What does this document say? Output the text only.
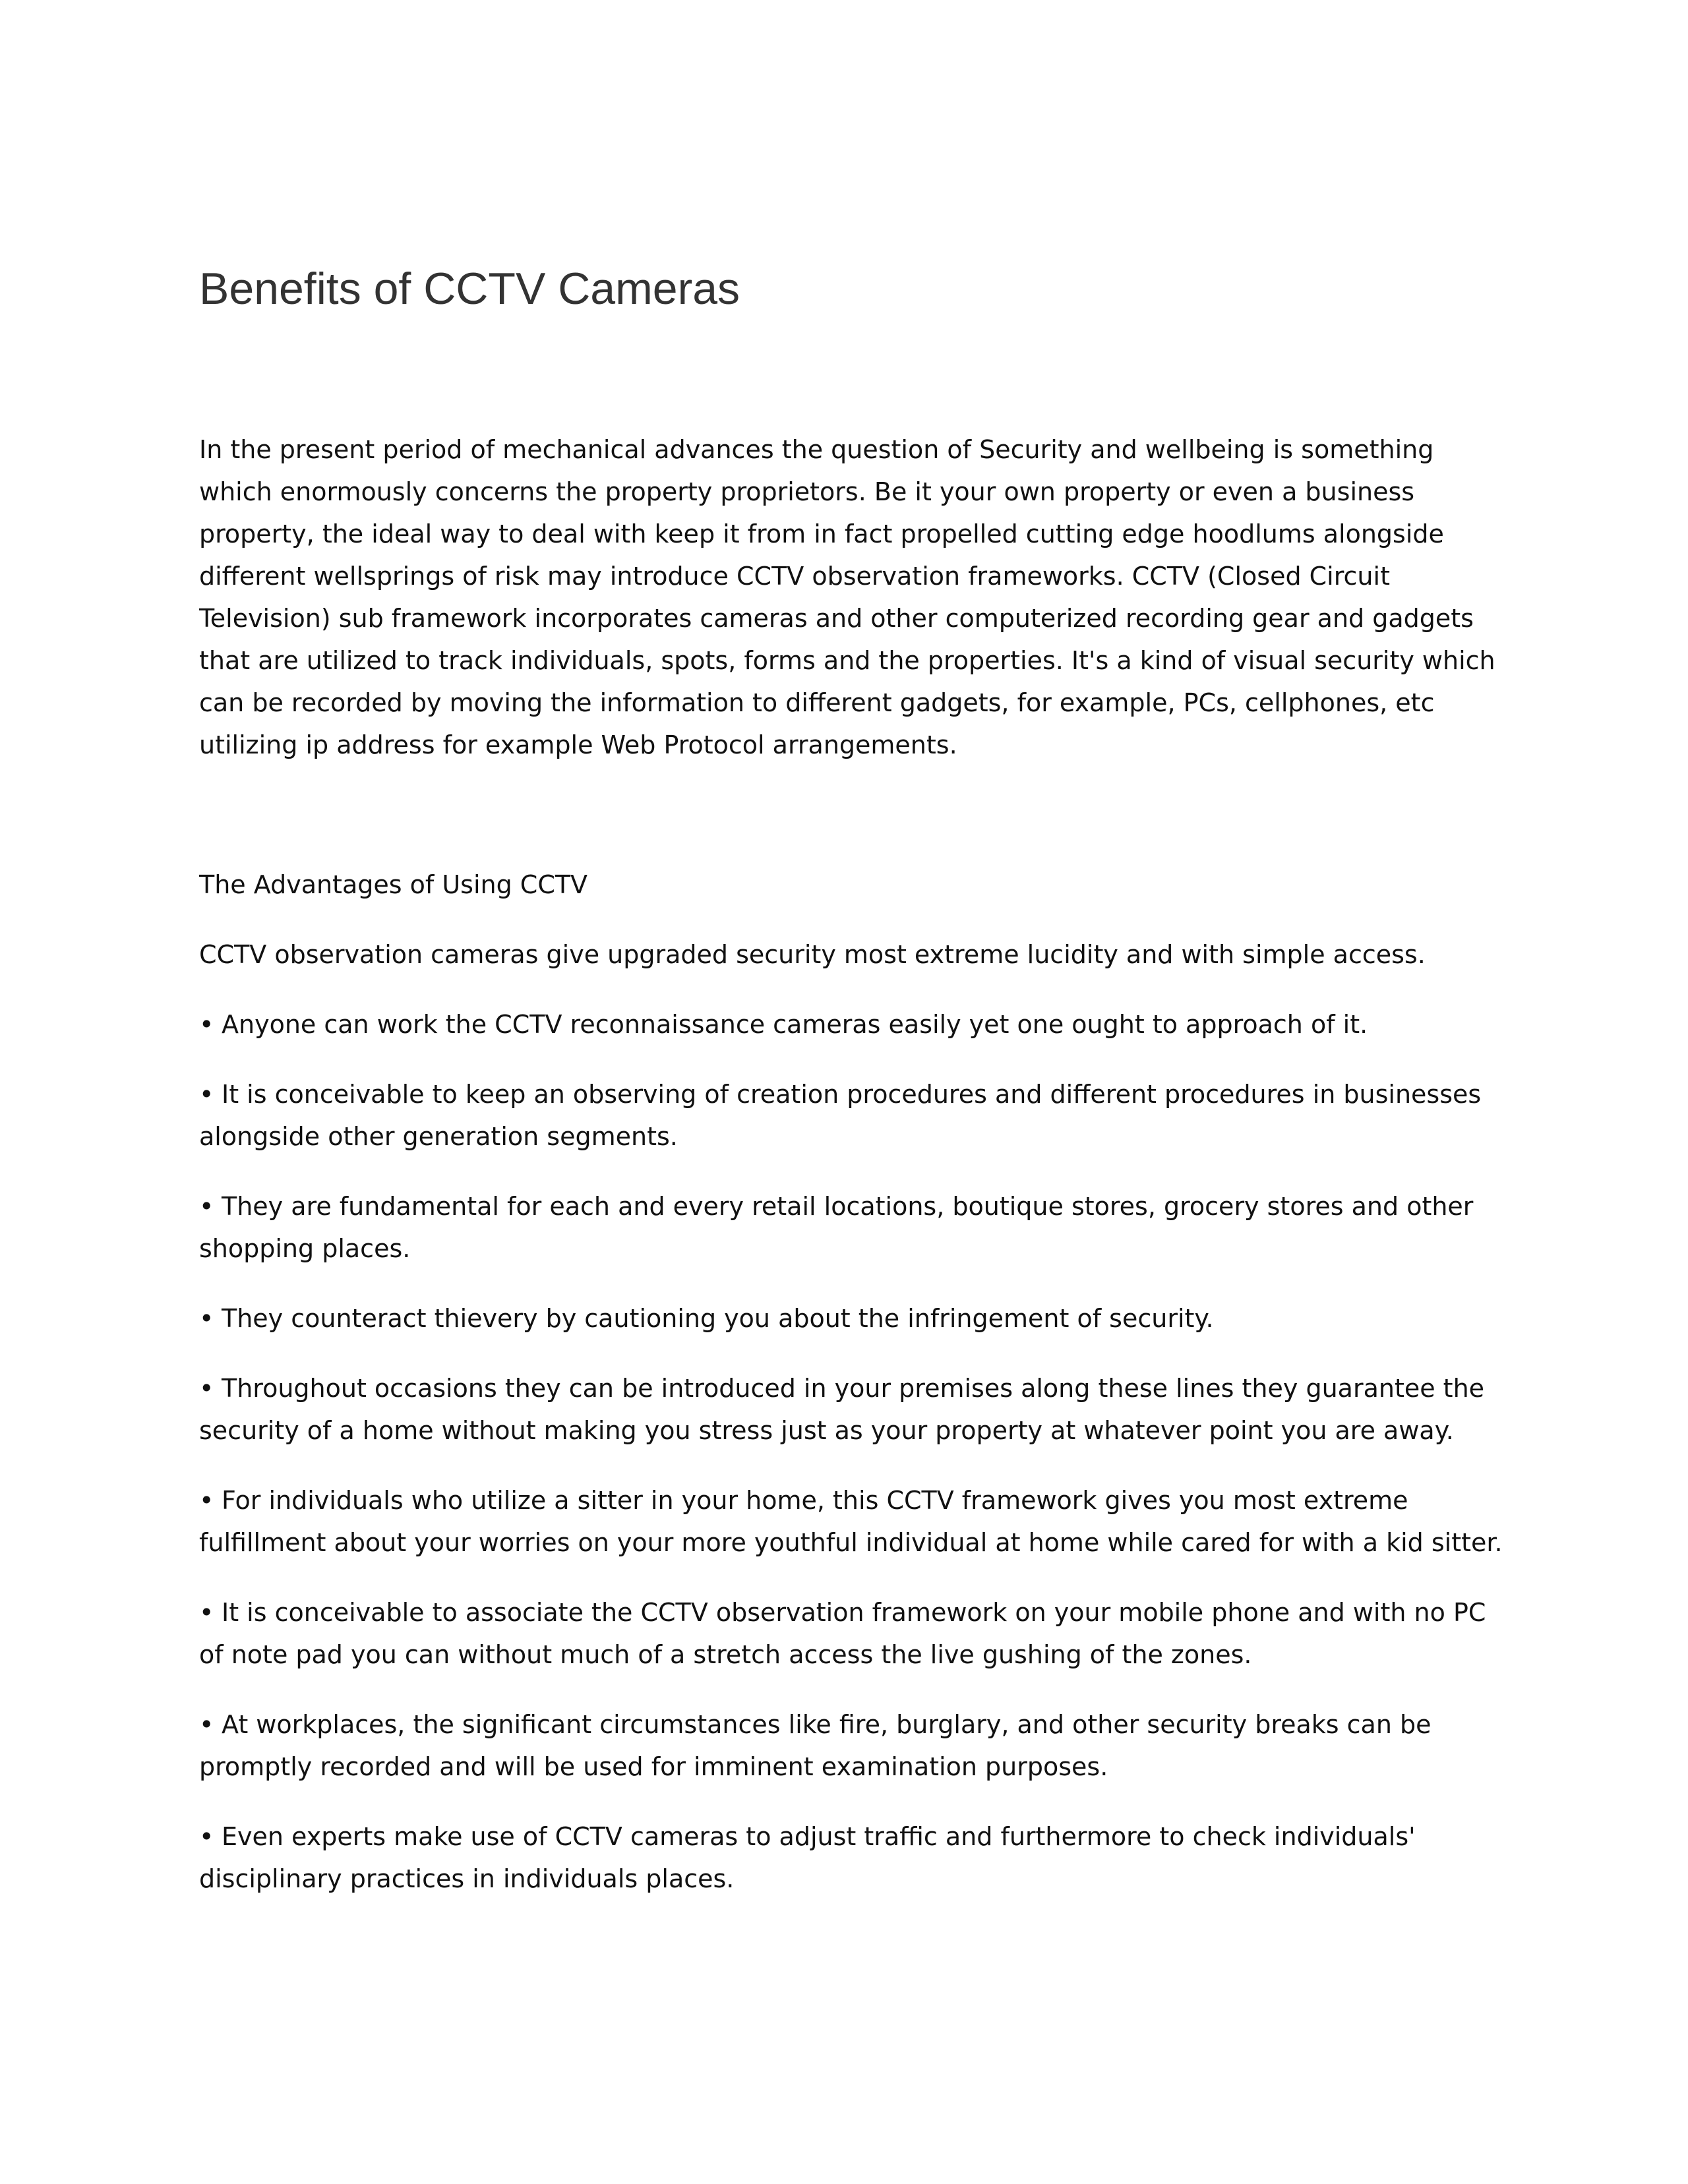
Benefits of CCTV Cameras

In the present period of mechanical advances the question of Security and wellbeing is something which enormously concerns the property proprietors. Be it your own property or even a business property, the ideal way to deal with keep it from in fact propelled cutting edge hoodlums alongside different wellsprings of risk may introduce CCTV observation frameworks. CCTV (Closed Circuit Television) sub framework incorporates cameras and other computerized recording gear and gadgets that are utilized to track individuals, spots, forms and the properties. It's a kind of visual security which can be recorded by moving the information to different gadgets, for example, PCs, cellphones, etc utilizing ip address for example Web Protocol arrangements.

The Advantages of Using CCTV

CCTV observation cameras give upgraded security most extreme lucidity and with simple access.

• Anyone can work the CCTV reconnaissance cameras easily yet one ought to approach of it.

• It is conceivable to keep an observing of creation procedures and different procedures in businesses alongside other generation segments.

• They are fundamental for each and every retail locations, boutique stores, grocery stores and other shopping places.

• They counteract thievery by cautioning you about the infringement of security.

• Throughout occasions they can be introduced in your premises along these lines they guarantee the security of a home without making you stress just as your property at whatever point you are away.

• For individuals who utilize a sitter in your home, this CCTV framework gives you most extreme fulfillment about your worries on your more youthful individual at home while cared for with a kid sitter.

• It is conceivable to associate the CCTV observation framework on your mobile phone and with no PC of note pad you can without much of a stretch access the live gushing of the zones.

• At workplaces, the significant circumstances like fire, burglary, and other security breaks can be promptly recorded and will be used for imminent examination purposes.

• Even experts make use of CCTV cameras to adjust traffic and furthermore to check individuals' disciplinary practices in individuals places.
